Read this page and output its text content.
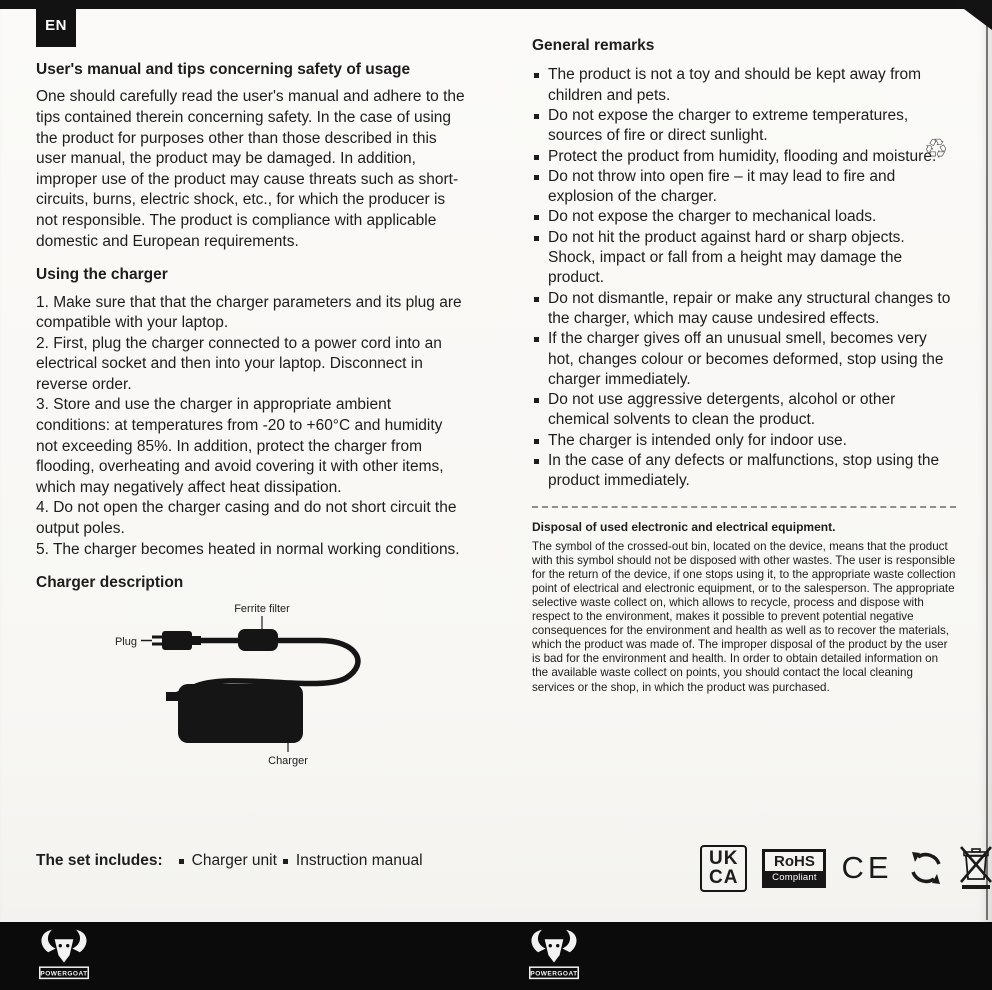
EN
User's manual and tips concerning safety of usage

One should carefully read the user's manual and adhere to the tips contained therein concerning safety. In the case of using the product for purposes other than those described in this user manual, the product may be damaged. In addition, improper use of the product may cause threats such as short-circuits, burns, electric shock, etc., for which the producer is not responsible. The product is compliance with applicable domestic and European requirements.

Using the charger
1. Make sure that that the charger parameters and its plug are compatible with your laptop.
2. First, plug the charger connected to a power cord into an electrical socket and then into your laptop. Disconnect in reverse order.
3. Store and use the charger in appropriate ambient conditions: at temperatures from -20 to +60°C and humidity not exceeding 85%. In addition, protect the charger from flooding, overheating and avoid covering it with other items, which may negatively affect heat dissipation.
4. Do not open the charger casing and do not short circuit the output poles.
5. The charger becomes heated in normal working conditions.
Charger description
Ferrite filter
Plug
Charger
The set includes: Charger unit Instruction manual
General remarks
The product is not a toy and should be kept away from children and pets.
Do not expose the charger to extreme temperatures, sources of fire or direct sunlight.
Protect the product from humidity, flooding and moisture.
Do not throw into open fire – it may lead to fire and explosion of the charger.
Do not expose the charger to mechanical loads.
Do not hit the product against hard or sharp objects. Shock, impact or fall from a height may damage the product.
Do not dismantle, repair or make any structural changes to the charger, which may cause undesired effects.
If the charger gives off an unusual smell, becomes very hot, changes colour or becomes deformed, stop using the charger immediately.
Do not use aggressive detergents, alcohol or other chemical solvents to clean the product.
The charger is intended only for indoor use.
In the case of any defects or malfunctions, stop using the product immediately.
Disposal of used electronic and electrical equipment.

The symbol of the crossed-out bin, located on the device, means that the product with this symbol should not be disposed with other wastes. The user is responsible for the return of the device, if one stops using it, to the appropriate waste collection point of electrical and electronic equipment, or to the salesperson. The appropriate selective waste collect on, which allows to recycle, process and dispose with respect to the environment, makes it possible to prevent potential negative consequences for the environment and health as well as to recover the materials, which the product was made of. The improper disposal of the product by the user is bad for the environment and health. In order to obtain detailed information on the available waste collect on points, you should contact the local cleaning services or the shop, in which the product was purchased.

♲
UK
CA
RoHS
Compliant CE
POWERGOAT	POWERGOAT
